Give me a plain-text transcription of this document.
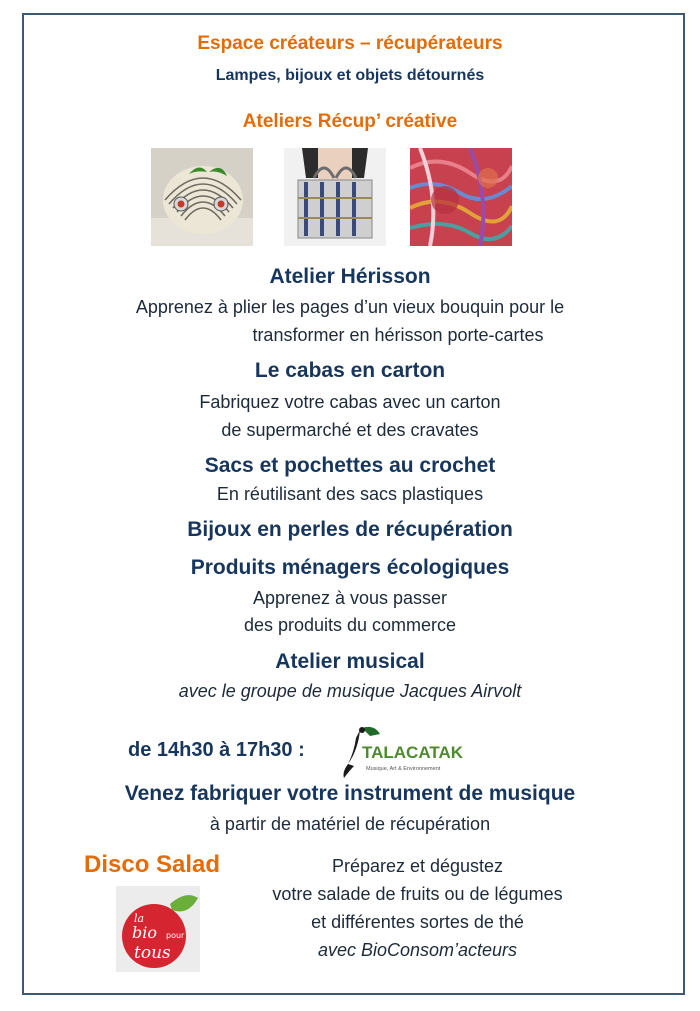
Espace créateurs – récupérateurs

Lampes, bijoux et objets détournés

Ateliers Récup’ créative

Atelier Hérisson

Apprenez à plier les pages d’un vieux bouquin pour le

transformer en hérisson porte-cartes

Le cabas en carton

Fabriquez votre cabas avec un carton

de supermarché et des cravates

Sacs et pochettes au crochet

En réutilisant des sacs plastiques

Bijoux en perles de récupération

Produits ménagers écologiques

Apprenez à vous passer

des produits du commerce

Atelier musical

avec le groupe de musique Jacques Airvolt

de 14h30 à 17h30 :	TALACATAK
Musique, Art & Environnement

Venez fabriquer votre instrument de musique

à partir de matériel de récupération

Disco Salad

la
bio pour
tous

Préparez et dégustez

votre salade de fruits ou de légumes

et différentes sortes de thé

avec BioConsom’acteurs
